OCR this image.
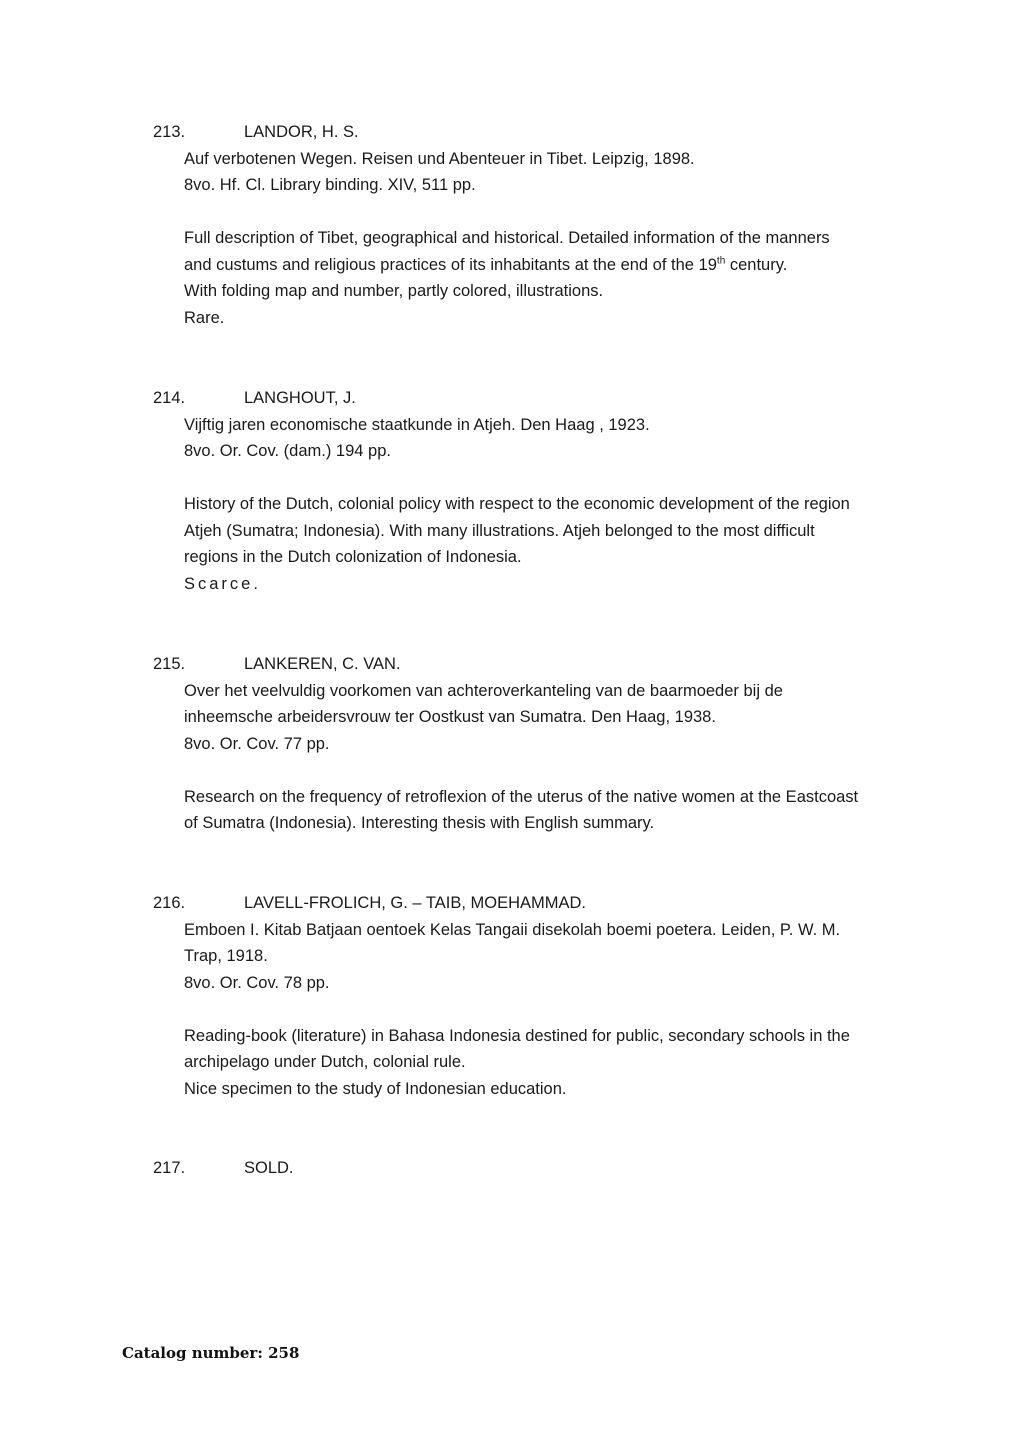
213.	LANDOR, H. S.
Auf verbotenen Wegen. Reisen und Abenteuer in Tibet. Leipzig, 1898.
8vo. Hf. Cl. Library binding. XIV, 511 pp.
Full description of Tibet, geographical and historical. Detailed information of the manners
and custums and religious practices of its inhabitants at the end of the 19th century.
With folding map and number, partly colored, illustrations.
Rare.
214.	LANGHOUT, J.
Vijftig jaren economische staatkunde in Atjeh. Den Haag , 1923.
8vo. Or. Cov. (dam.) 194 pp.
History of the Dutch, colonial policy with respect to the economic development of the region
Atjeh (Sumatra; Indonesia). With many illustrations. Atjeh belonged to the most difficult
regions in the Dutch colonization of Indonesia.
Scarce.
215.	LANKEREN, C. VAN.
Over het veelvuldig voorkomen van achteroverkanteling van de baarmoeder bij de
inheemsche arbeidersvrouw ter Oostkust van Sumatra. Den Haag, 1938.
8vo. Or. Cov. 77 pp.
Research on the frequency of retroflexion of the uterus of the native women at the Eastcoast
of Sumatra (Indonesia). Interesting thesis with English summary.
216.	LAVELL-FROLICH, G. – TAIB, MOEHAMMAD.
Emboen I. Kitab Batjaan oentoek Kelas Tangaii disekolah boemi poetera. Leiden, P. W. M.
Trap, 1918.
8vo. Or. Cov. 78 pp.
Reading-book (literature) in Bahasa Indonesia destined for public, secondary schools in the
archipelago under Dutch, colonial rule.
Nice specimen to the study of Indonesian education.
217.	SOLD.
Catalog number: 258
